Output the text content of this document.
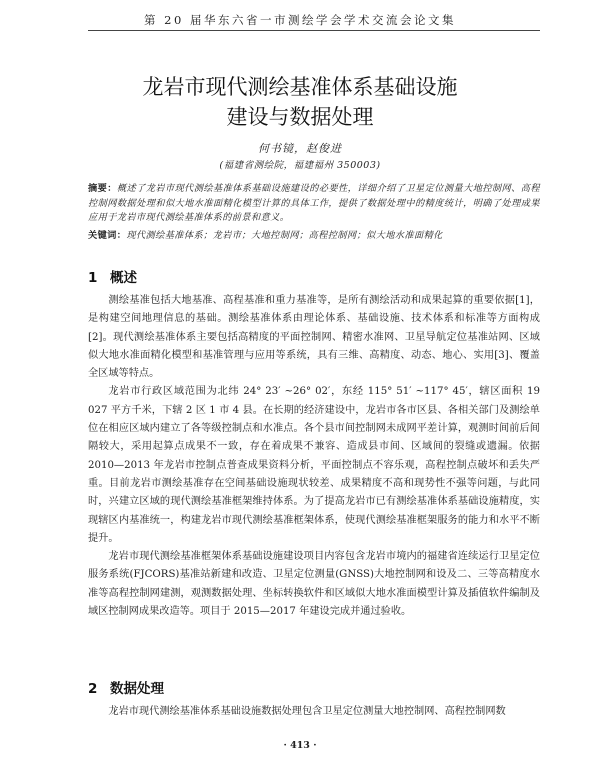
第 20 届华东六省一市测绘学会学术交流会论文集
龙岩市现代测绘基准体系基础设施
建设与数据处理
何书镜，赵俊进
(福建省测绘院，福建福州 350003)
摘要：概述了龙岩市现代测绘基准体系基础设施建设的必要性，详细介绍了卫星定位测量大地控制网、高程控制网数据处理和似大地水准面精化模型计算的具体工作，提供了数据处理中的精度统计，明确了处理成果应用于龙岩市现代测绘基准体系的前景和意义。
关键词：现代测绘基准体系；龙岩市；大地控制网；高程控制网；似大地水准面精化
1 概述

测绘基准包括大地基准、高程基准和重力基准等，是所有测绘活动和成果起算的重要依据[1]，是构建空间地理信息的基础。测绘基准体系由理论体系、基础设施、技术体系和标准等方面构成[2]。现代测绘基准体系主要包括高精度的平面控制网、精密水准网、卫星导航定位基准站网、区域似大地水准面精化模型和基准管理与应用等系统，具有三维、高精度、动态、地心、实用[3]、覆盖全区域等特点。

龙岩市行政区域范围为北纬 24° 23′ ~26° 02′，东经 115° 51′ ~117° 45′，辖区面积 19 027 平方千米，下辖 2 区 1 市 4 县。在长期的经济建设中，龙岩市各市区县、各相关部门及测绘单位在相应区域内建立了各等级控制点和水准点。各个县市间控制网未成网平差计算，观测时间前后间隔较大，采用起算点成果不一致，存在着成果不兼容、造成县市间、区域间的裂缝或遗漏。依据 2010—2013 年龙岩市控制点普查成果资料分析，平面控制点不容乐观，高程控制点破坏和丢失严重。目前龙岩市测绘基准存在空间基础设施现状较差、成果精度不高和现势性不强等问题，与此同时，兴建立区域的现代测绘基准框架维持体系。为了提高龙岩市已有测绘基准体系基础设施精度，实现辖区内基准统一，构建龙岩市现代测绘基准框架体系，使现代测绘基准框架服务的能力和水平不断提升。

龙岩市现代测绘基准框架体系基础设施建设项目内容包含龙岩市境内的福建省连续运行卫星定位服务系统(FJCORS)基准站新建和改造、卫星定位测量(GNSS)大地控制网和设及二、三等高精度水准等高程控制网建测，观测数据处理、坐标转换软件和区域似大地水准面模型计算及插值软件编制及域区控制网成果改造等。项目于 2015—2017 年建设完成并通过验收。

2 数据处理

龙岩市现代测绘基准体系基础设施数据处理包含卫星定位测量大地控制网、高程控制网数

· 413 ·
